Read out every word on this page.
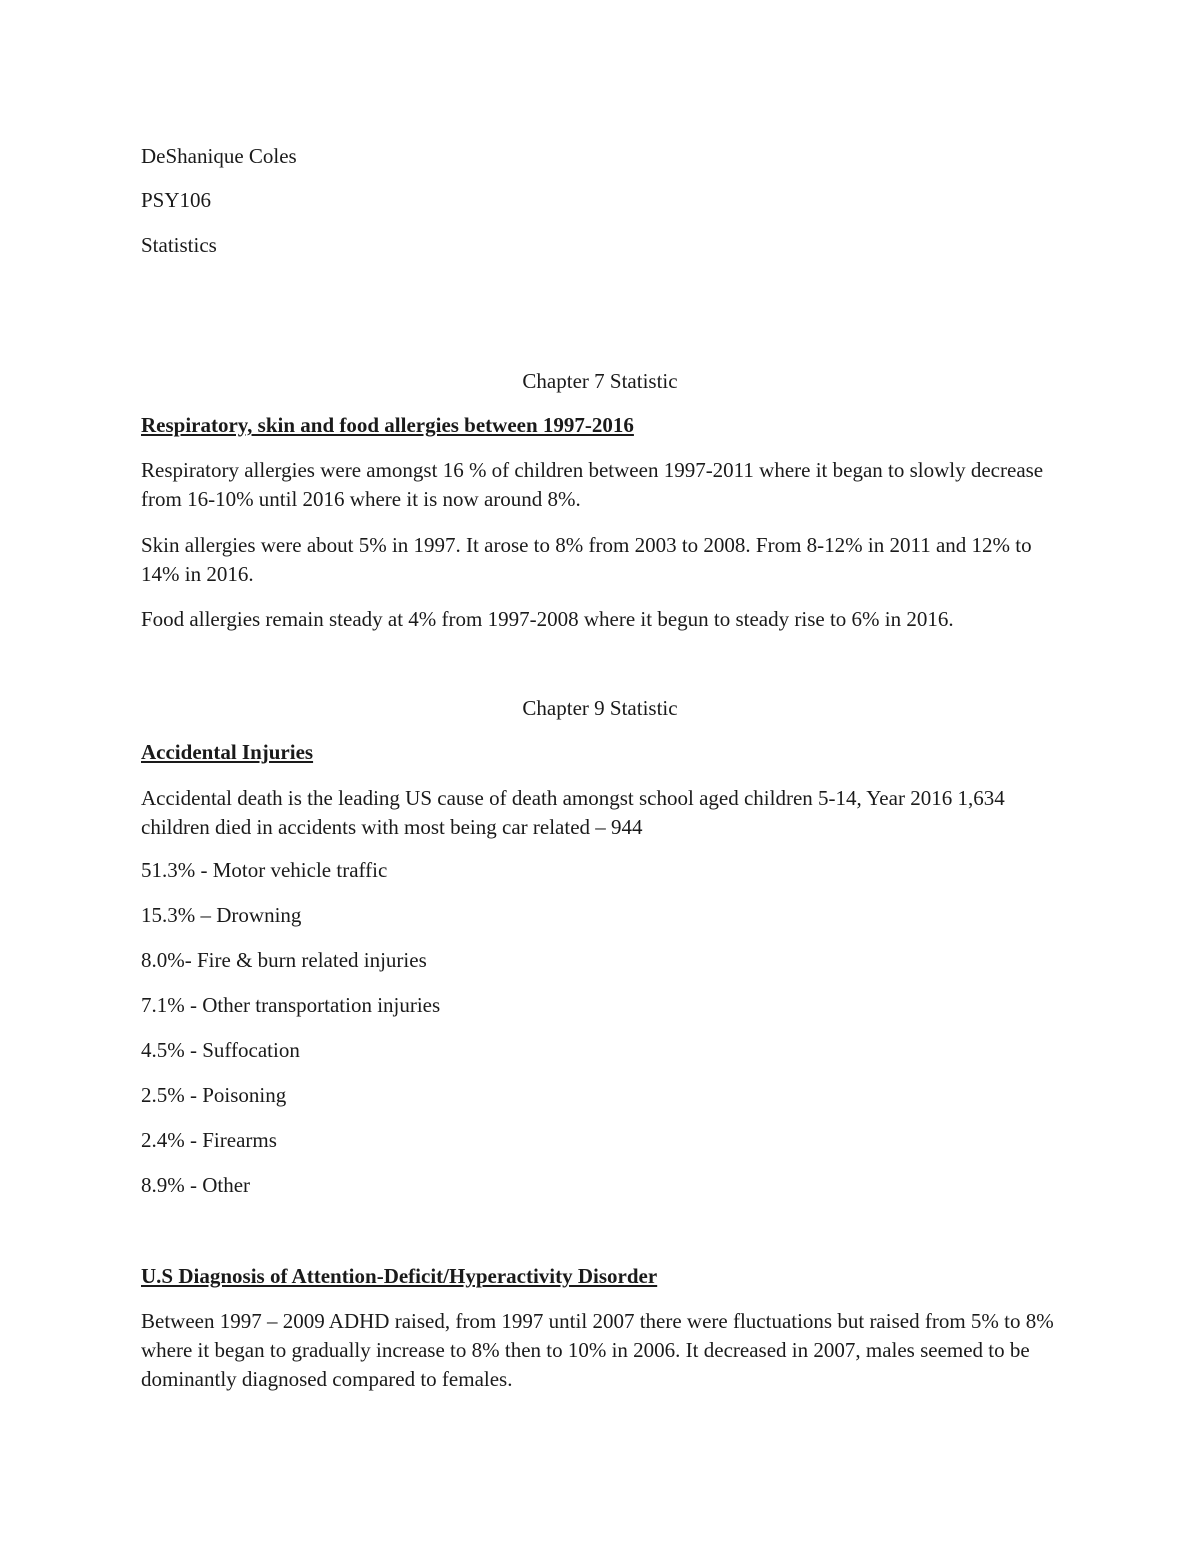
DeShanique Coles
PSY106
Statistics
Chapter 7 Statistic
Respiratory, skin and food allergies between 1997-2016
Respiratory allergies were amongst 16 % of children between 1997-2011 where it began to slowly decrease from 16-10% until 2016 where it is now around 8%.
Skin allergies were about 5% in 1997. It arose to 8% from 2003 to 2008. From 8-12% in 2011 and 12% to 14% in 2016.
Food allergies remain steady at 4% from 1997-2008 where it begun to steady rise to 6% in 2016.
Chapter 9 Statistic
Accidental Injuries
Accidental death is the leading US cause of death amongst school aged children 5-14, Year 2016 1,634 children died in accidents with most being car related – 944
51.3% - Motor vehicle traffic
15.3% – Drowning
8.0%- Fire & burn related injuries
7.1% - Other transportation injuries
4.5% - Suffocation
2.5% - Poisoning
2.4% - Firearms
8.9% - Other
U.S Diagnosis of Attention-Deficit/Hyperactivity Disorder
Between 1997 – 2009 ADHD raised, from 1997 until 2007 there were fluctuations but raised from 5% to 8% where it began to gradually increase to 8% then to 10% in 2006. It decreased in 2007, males seemed to be dominantly diagnosed compared to females.
